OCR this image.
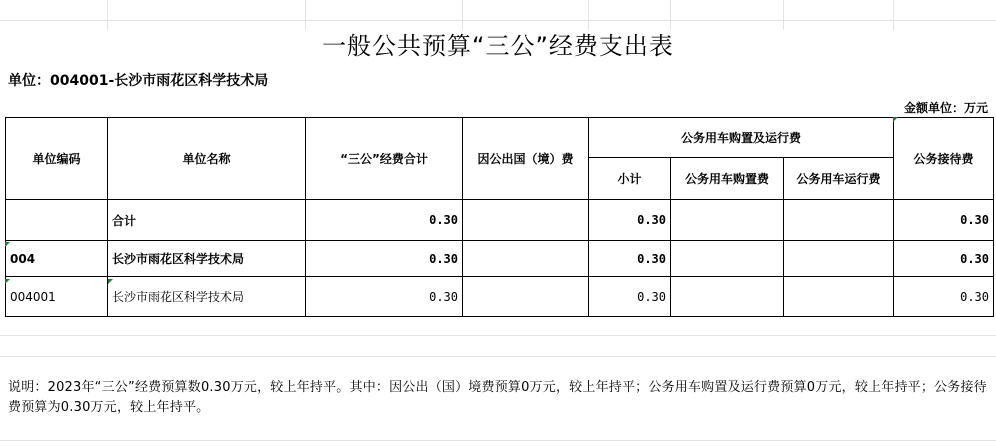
一般公共预算“三公”经费支出表
单位：004001-长沙市雨花区科学技术局
金额单位：万元
单位编码	单位名称	“三公”经费合计	因公出国（境）费	公务用车购置及运行费			公务接待费
				小计	公务用车购置费	公务用车运行费	
	合计	0.30		0.30			0.30
004	长沙市雨花区科学技术局	0.30		0.30			0.30
004001	长沙市雨花区科学技术局	0.30		0.30			0.30
说明：2023年“三公”经费预算数0.30万元，较上年持平。其中：因公出（国）境费预算0万元，较上年持平；公务用车购置及运行费预算0万元，较上年持平；公务接待费预算为0.30万元，较上年持平。
